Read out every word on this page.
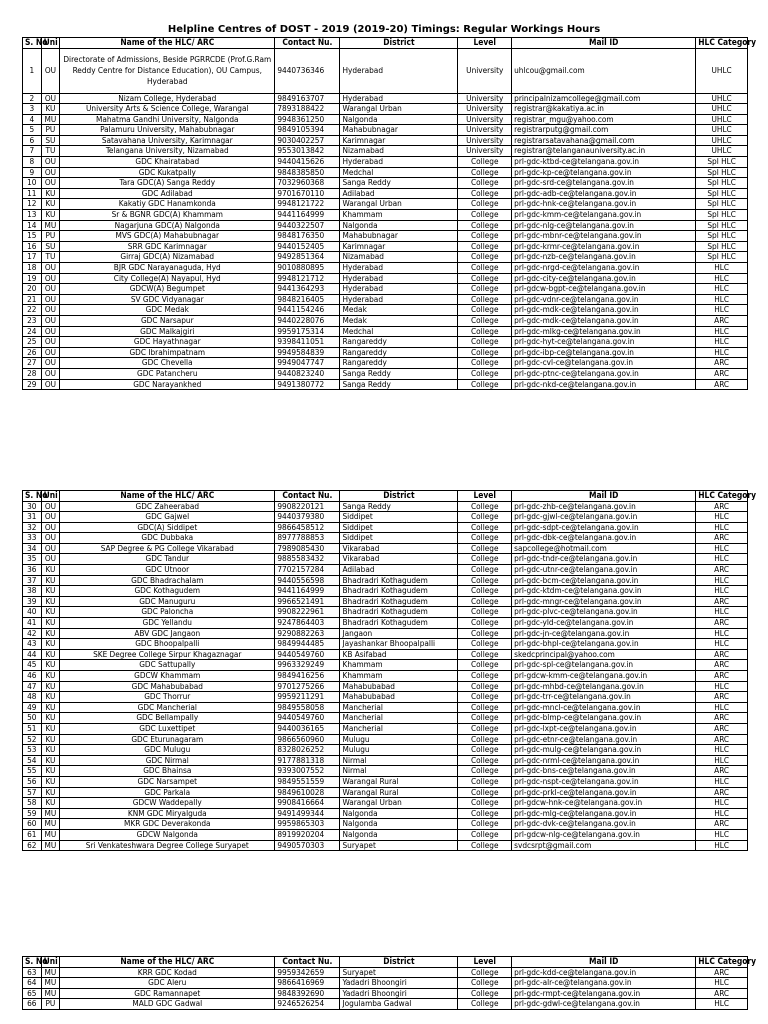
Helpline Centres of DOST - 2019 (2019-20) Timings: Regular Workings Hours
S. No	Uni	Name of the HLC/ ARC	Contact Nu.	District	Level	Mail ID	HLC Category
1	OU	Directorate of Admissions, Beside PGRRCDE (Prof.G.Ram Reddy Centre for Distance Education), OU Campus, Hyderabad	9440736346	Hyderabad	University	uhlcou@gmail.com	UHLC
2	OU	Nizam College, Hyderabad	9849163707	Hyderabad	University	principalnizamcollege@gmail.com	UHLC
3	KU	University Arts & Science College, Warangal	7893188422	Warangal Urban	University	registrar@kakatiya.ac.in	UHLC
4	MU	Mahatma Gandhi University, Nalgonda	9948361250	Nalgonda	University	registrar_mgu@yahoo.com	UHLC
5	PU	Palamuru University, Mahabubnagar	9849105394	Mahabubnagar	University	registrarputg@gmail.com	UHLC
6	SU	Satavahana University, Karimnagar	9030402257	Karimnagar	University	registrarsatavahana@gmail.com	UHLC
7	TU	Telangana University, Nizamabad	9553013842	Nizamabad	University	registrar@telanganauniversity.ac.in	UHLC
8	OU	GDC Khairatabad	9440415626	Hyderabad	College	prl-gdc-ktbd-ce@telangana.gov.in	Spl HLC
9	OU	GDC Kukatpally	9848385850	Medchal	College	prl-gdc-kp-ce@telangana.gov.in	Spl HLC
10	OU	Tara GDC(A) Sanga Reddy	7032960368	Sanga Reddy	College	prl-gdc-srd-ce@telangana.gov.in	Spl HLC
11	KU	GDC Adilabad	9701670110	Adilabad	College	prl-gdc-adb-ce@telangana.gov.in	Spl HLC
12	KU	Kakatiy GDC Hanamkonda	9948121722	Warangal Urban	College	prl-gdc-hnk-ce@telangana.gov.in	Spl HLC
13	KU	Sr & BGNR GDC(A) Khammam	9441164999	Khammam	College	prl-gdc-kmm-ce@telangana.gov.in	Spl HLC
14	MU	Nagarjuna GDC(A) Nalgonda	9440322507	Nalgonda	College	prl-gdc-nlg-ce@telangana.gov.in	Spl HLC
15	PU	MVS GDC(A) Mahabubnagar	9848176350	Mahabubnagar	College	prl-gdc-mbnr-ce@telangana.gov.in	Spl HLC
16	SU	SRR GDC Karimnagar	9440152405	Karimnagar	College	prl-gdc-krmr-ce@telangana.gov.in	Spl HLC
17	TU	Girraj GDC(A) Nizamabad	9492851364	Nizamabad	College	prl-gdc-nzb-ce@telangana.gov.in	Spl HLC
18	OU	BJR GDC Narayanaguda, Hyd	9010880895	Hyderabad	College	prl-gdc-nrgd-ce@telangana.gov.in	HLC
19	OU	City College(A) Nayapul, Hyd	9948121712	Hyderabad	College	prl-gdc-city-ce@telangana.gov.in	HLC
20	OU	GDCW(A) Begumpet	9441364293	Hyderabad	College	prl-gdcw-bgpt-ce@telangana.gov.in	HLC
21	OU	SV GDC Vidyanagar	9848216405	Hyderabad	College	prl-gdc-vdnr-ce@telangana.gov.in	HLC
22	OU	GDC Medak	9441154246	Medak	College	prl-gdc-mdk-ce@telangana.gov.in	HLC
23	OU	GDC Narsapur	9440228076	Medak	College	prl-gdc-mdk-ce@telangana.gov.in	ARC
24	OU	GDC Malkajgiri	9959175314	Medchal	College	prl-gdc-mlkg-ce@telangana.gov.in	HLC
25	OU	GDC Hayathnagar	9398411051	Rangareddy	College	prl-gdc-hyt-ce@telangana.gov.in	HLC
26	OU	GDC Ibrahimpatnam	9949584839	Rangareddy	College	prl-gdc-ibp-ce@telangana.gov.in	HLC
27	OU	GDC Chevella	9949047747	Rangareddy	College	prl-gdc-cvl-ce@telangana.gov.in	ARC
28	OU	GDC Patancheru	9440823240	Sanga Reddy	College	prl-gdc-ptnc-ce@telangana.gov.in	ARC
29	OU	GDC Narayankhed	9491380772	Sanga Reddy	College	prl-gdc-nkd-ce@telangana.gov.in	ARC
S. No	Uni	Name of the HLC/ ARC	Contact Nu.	District	Level	Mail ID	HLC Category
30	OU	GDC Zaheerabad	9908220121	Sanga Reddy	College	prl-gdc-zhb-ce@telangana.gov.in	ARC
31	OU	GDC Gajwel	9440379380	Siddipet	College	prl-gdc-gjwl-ce@telangana.gov.in	HLC
32	OU	GDC(A) Siddipet	9866458512	Siddipet	College	prl-gdc-sdpt-ce@telangana.gov.in	HLC
33	OU	GDC Dubbaka	8977788853	Siddipet	College	prl-gdc-dbk-ce@telangana.gov.in	ARC
34	OU	SAP Degree & PG College Vikarabad	7989085430	Vikarabad	College	sapcollege@hotmail.com	HLC
35	OU	GDC Tandur	9885583432	Vikarabad	College	prl-gdc-tndr-ce@telangana.gov.in	HLC
36	KU	GDC Utnoor	7702157284	Adilabad	College	prl-gdc-utnr-ce@telangana.gov.in	ARC
37	KU	GDC Bhadrachalam	9440556598	Bhadradri Kothagudem	College	prl-gdc-bcm-ce@telangana.gov.in	HLC
38	KU	GDC Kothagudem	9441164999	Bhadradri Kothagudem	College	prl-gdc-ktdm-ce@telangana.gov.in	HLC
39	KU	GDC Manuguru	9966521491	Bhadradri Kothagudem	College	prl-gdc-mngr-ce@telangana.gov.in	ARC
40	KU	GDC Paloncha	9908222961	Bhadradri Kothagudem	College	prl-gdc-plvc-ce@telangana.gov.in	HLC
41	KU	GDC Yellandu	9247864403	Bhadradri Kothagudem	College	prl-gdc-yld-ce@telangana.gov.in	ARC
42	KU	ABV GDC Jangaon	9290882263	Jangaon	College	prl-gdc-jn-ce@telangana.gov.in	HLC
43	KU	GDC Bhoopalpalli	9849944485	Jayashankar Bhoopalpalli	College	prl-gdc-bhpl-ce@telangana.gov.in	HLC
44	KU	SKE Degree College Sirpur Khagaznagar	9440549760	KB Asifabad	College	skedcprincipal@yahoo.com	ARC
45	KU	GDC Sattupally	9963329249	Khammam	College	prl-gdc-spl-ce@telangana.gov.in	ARC
46	KU	GDCW Khammam	9849416256	Khammam	College	prl-gdcw-kmm-ce@telangana.gov.in	ARC
47	KU	GDC Mahabubabad	9701275266	Mahabubabad	College	prl-gdc-mhbd-ce@telangana.gov.in	HLC
48	KU	GDC Thorrur	9959211291	Mahabubabad	College	prl-gdc-trr-ce@telangana.gov.in	ARC
49	KU	GDC Mancherial	9849558058	Mancherial	College	prl-gdc-mncl-ce@telangana.gov.in	HLC
50	KU	GDC Bellampally	9440549760	Mancherial	College	prl-gdc-blmp-ce@telangana.gov.in	ARC
51	KU	GDC Luxettipet	9440036165	Mancherial	College	prl-gdc-lxpt-ce@telangana.gov.in	ARC
52	KU	GDC Eturunagaram	9866560960	Mulugu	College	prl-gdc-etnr-ce@telangana.gov.in	ARC
53	KU	GDC Mulugu	8328026252	Mulugu	College	prl-gdc-mulg-ce@telangana.gov.in	HLC
54	KU	GDC Nirmal	9177881318	Nirmal	College	prl-gdc-nrml-ce@telangana.gov.in	HLC
55	KU	GDC Bhainsa	9393007552	Nirmal	College	prl-gdc-bns-ce@telangana.gov.in	ARC
56	KU	GDC Narsampet	9849551559	Warangal Rural	College	prl-gdc-nspt-ce@telangana.gov.in	HLC
57	KU	GDC Parkala	9849610028	Warangal Rural	College	prl-gdc-prkl-ce@telangana.gov.in	ARC
58	KU	GDCW Waddepally	9908416664	Warangal Urban	College	prl-gdcw-hnk-ce@telangana.gov.in	HLC
59	MU	KNM GDC Miryalguda	9491499344	Nalgonda	College	prl-gdc-mlg-ce@telangana.gov.in	HLC
60	MU	MKR GDC Deverakonda	9959865303	Nalgonda	College	prl-gdc-dvk-ce@telangana.gov.in	ARC
61	MU	GDCW Nalgonda	8919920204	Nalgonda	College	prl-gdcw-nlg-ce@telangana.gov.in	HLC
62	MU	Sri Venkateshwara Degree College Suryapet	9490570303	Suryapet	College	svdcsrpt@gmail.com	HLC
S. No	Uni	Name of the HLC/ ARC	Contact Nu.	District	Level	Mail ID	HLC Category
63	MU	KRR GDC Kodad	9959342659	Suryapet	College	prl-gdc-kdd-ce@telangana.gov.in	ARC
64	MU	GDC Aleru	9866416969	Yadadri Bhoongiri	College	prl-gdc-alr-ce@telangana.gov.in	HLC
65	MU	GDC Ramannapet	9848392690	Yadadri Bhoongiri	College	prl-gdc-rmpt-ce@telangana.gov.in	ARC
66	PU	MALD GDC Gadwal	9246526254	Jogulamba Gadwal	College	prl-gdc-gdwl-ce@telangana.gov.in	HLC
